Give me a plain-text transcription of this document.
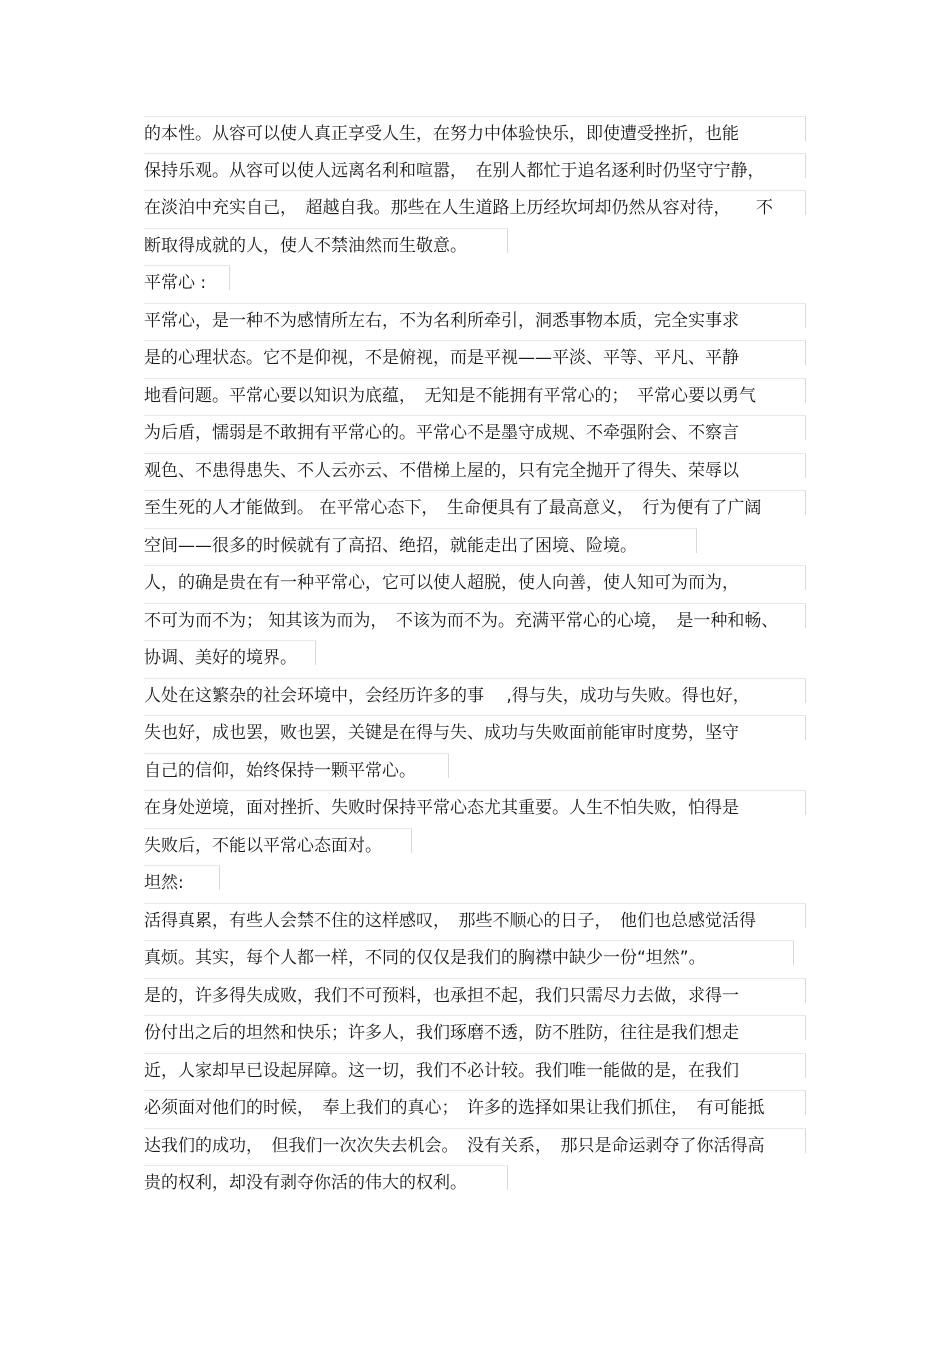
的本性。从容可以使人真正享受人生，在努力中体验快乐，即使遭受挫折，也能
保持乐观。从容可以使人远离名利和喧嚣，　在别人都忙于追名逐利时仍坚守宁静，
在淡泊中充实自己，　超越自我。那些在人生道路上历经坎坷却仍然从容对待，　　不
断取得成就的人，使人不禁油然而生敬意。
平常心 :
平常心，是一种不为感情所左右，不为名利所牵引，洞悉事物本质，完全实事求
是的心理状态。它不是仰视，不是俯视，而是平视——平淡、平等、平凡、平静
地看问题。平常心要以知识为底蕴，　无知是不能拥有平常心的；　平常心要以勇气
为后盾，懦弱是不敢拥有平常心的。平常心不是墨守成规、不牵强附会、不察言
观色、不患得患失、不人云亦云、不借梯上屋的，只有完全抛开了得失、荣辱以
至生死的人才能做到。 在平常心态下，　生命便具有了最高意义，　行为便有了广阔
空间——很多的时候就有了高招、绝招，就能走出了困境、险境。
人，的确是贵在有一种平常心，它可以使人超脱，使人向善，使人知可为而为，
不可为而不为； 知其该为而为，　不该为而不为。充满平常心的心境，　是一种和畅、
协调、美好的境界。
人处在这繁杂的社会环境中，会经历许多的事　 ,得与失，成功与失败。得也好，
失也好，成也罢，败也罢，关键是在得与失、成功与失败面前能审时度势，坚守
自己的信仰，始终保持一颗平常心。
在身处逆境，面对挫折、失败时保持平常心态尤其重要。人生不怕失败，怕得是
失败后，不能以平常心态面对。
坦然:
活得真累，有些人会禁不住的这样感叹，　那些不顺心的日子，　他们也总感觉活得
真烦。其实，每个人都一样，不同的仅仅是我们的胸襟中缺少一份“坦然”。
是的，许多得失成败，我们不可预料，也承担不起，我们只需尽力去做，求得一
份付出之后的坦然和快乐；许多人，我们琢磨不透，防不胜防，往往是我们想走
近，人家却早已设起屏障。这一切，我们不必计较。我们唯一能做的是，在我们
必须面对他们的时候，　奉上我们的真心；　许多的选择如果让我们抓住，　有可能抵
达我们的成功，　但我们一次次失去机会。　没有关系，　那只是命运剥夺了你活得高
贵的权利，却没有剥夺你活的伟大的权利。
